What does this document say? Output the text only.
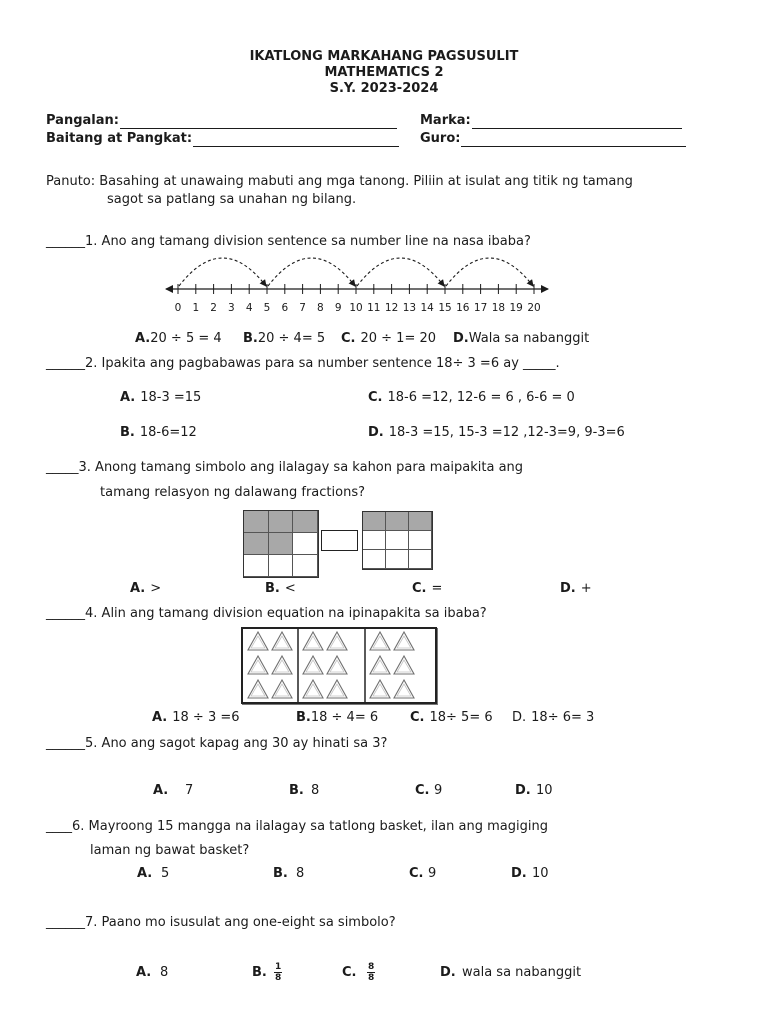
IKATLONG MARKAHANG PAGSUSULIT
MATHEMATICS 2
S.Y. 2023-2024
Pangalan:	Marka:
Baitang at Pangkat:	Guro:
Panuto: Basahing at unawaing mabuti ang mga tanong. Piliin at isulat ang titik ng tamang
sagot sa patlang sa unahan ng bilang.
______1. Ano ang tamang division sentence sa number line na nasa ibaba?
0 1 2 3 4 5 6 7 8 9 10 11 12 13 14 15 16 17 18 19 20
A.20 ÷ 5 = 4 B.20 ÷ 4= 5 C. 20 ÷ 1= 20 D.Wala sa nabanggit
______2. Ipakita ang pagbabawas para sa number sentence 18÷ 3 =6 ay _____.
A. 18-3 =15	C. 18-6 =12, 12-6 = 6 , 6-6 = 0
B. 18-6=12	D. 18-3 =15, 15-3 =12 ,12-3=9, 9-3=6
_____3. Anong tamang simbolo ang ilalagay sa kahon para maipakita ang
tamang relasyon ng dalawang fractions?
A. >	B. <	C. =	D. +
______4. Alin ang tamang division equation na ipinapakita sa ibaba?
A. 18 ÷ 3 =6	B.18 ÷ 4= 6 C. 18÷ 5= 6 D. 18÷ 6= 3
______5. Ano ang sagot kapag ang 30 ay hinati sa 3?
A. 7	B. 8	C. 9	D. 10
____6. Mayroong 15 mangga na ilalagay sa tatlong basket, ilan ang magiging
laman ng bawat basket?
A. 5	B. 8	C. 9	D. 10
______7. Paano mo isusulat ang one-eight sa simbolo?
A. 8	B. $\frac{1}{8}$	C. $\frac{8}{8}$	D. wala sa nabanggit
